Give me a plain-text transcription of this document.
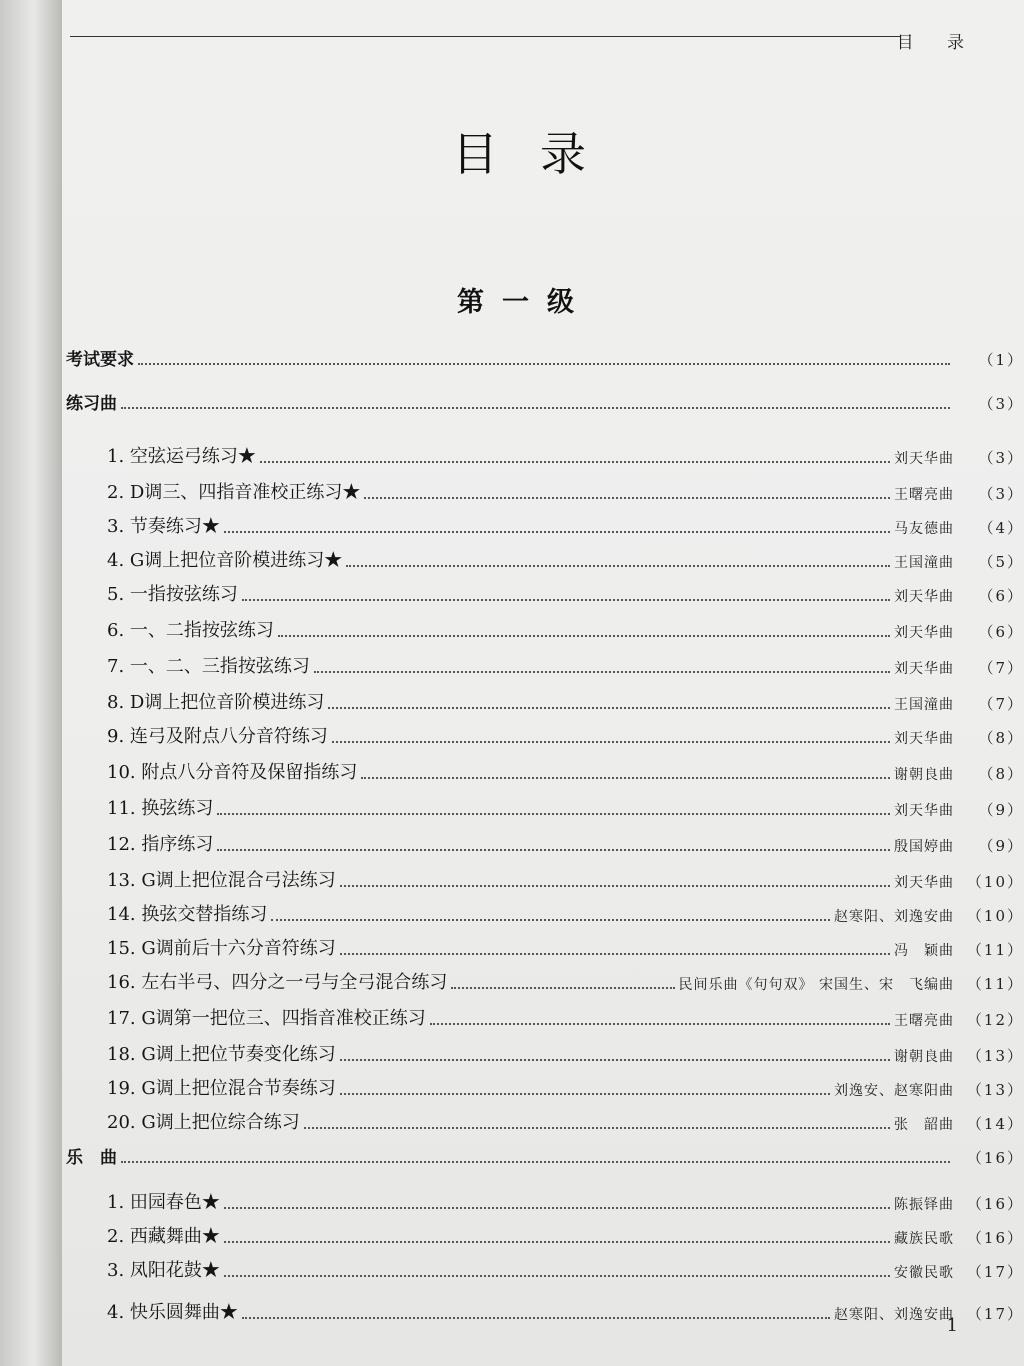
目 录
目录
第一级
考试要求	（1）
练习曲	（3）
1. 空弦运弓练习★	刘天华曲	（3）
2. D调三、四指音准校正练习★	王曙亮曲	（3）
3. 节奏练习★	马友德曲	（4）
4. G调上把位音阶模进练习★	王国潼曲	（5）
5. 一指按弦练习	刘天华曲	（6）
6. 一、二指按弦练习	刘天华曲	（6）
7. 一、二、三指按弦练习	刘天华曲	（7）
8. D调上把位音阶模进练习	王国潼曲	（7）
9. 连弓及附点八分音符练习	刘天华曲	（8）
10. 附点八分音符及保留指练习	谢朝良曲	（8）
11. 换弦练习	刘天华曲	（9）
12. 指序练习	殷国婷曲	（9）
13. G调上把位混合弓法练习	刘天华曲 （10）
14. 换弦交替指练习	赵寒阳、刘逸安曲 （10）
15. G调前后十六分音符练习	冯　颖曲 （11）
16. 左右半弓、四分之一弓与全弓混合练习	民间乐曲《句句双》 宋国生、宋　飞编曲 （11）
17. G调第一把位三、四指音准校正练习	王曙亮曲 （12）
18. G调上把位节奏变化练习	谢朝良曲 （13）
19. G调上把位混合节奏练习	刘逸安、赵寒阳曲 （13）
20. G调上把位综合练习	张　韶曲 （14）
乐　曲	（16）
1. 田园春色★	陈振铎曲 （16）
2. 西藏舞曲★	藏族民歌 （16）
3. 凤阳花鼓★	安徽民歌 （17）
4. 快乐圆舞曲★	赵寒阳、刘逸安曲 （17）
1
